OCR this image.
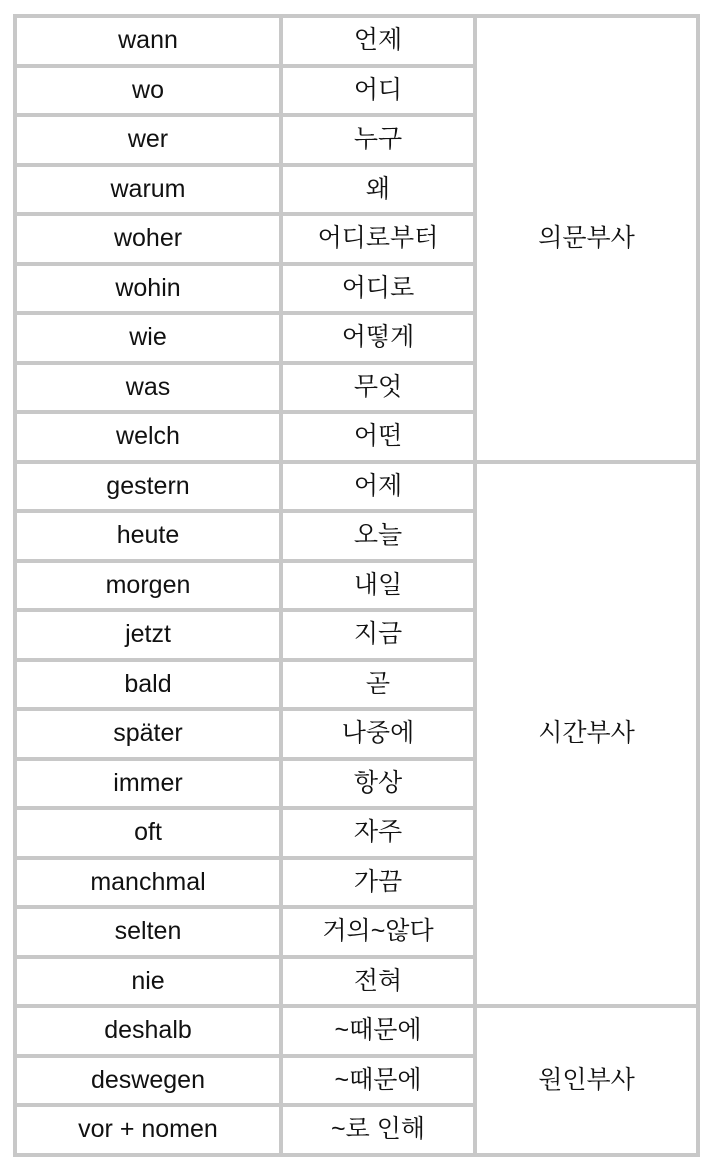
wann	언제	의문부사
wo	어디	
wer	누구	
warum	왜	
woher	어디로부터	
wohin	어디로	
wie	어떻게	
was	무엇	
welch	어떤	
gestern	어제	시간부사
heute	오늘	
morgen	내일	
jetzt	지금	
bald	곧	
später	나중에	
immer	항상	
oft	자주	
manchmal	가끔	
selten	거의~않다	
nie	전혀	
deshalb	~때문에	원인부사
deswegen	~때문에	
vor + nomen	~로 인해	
